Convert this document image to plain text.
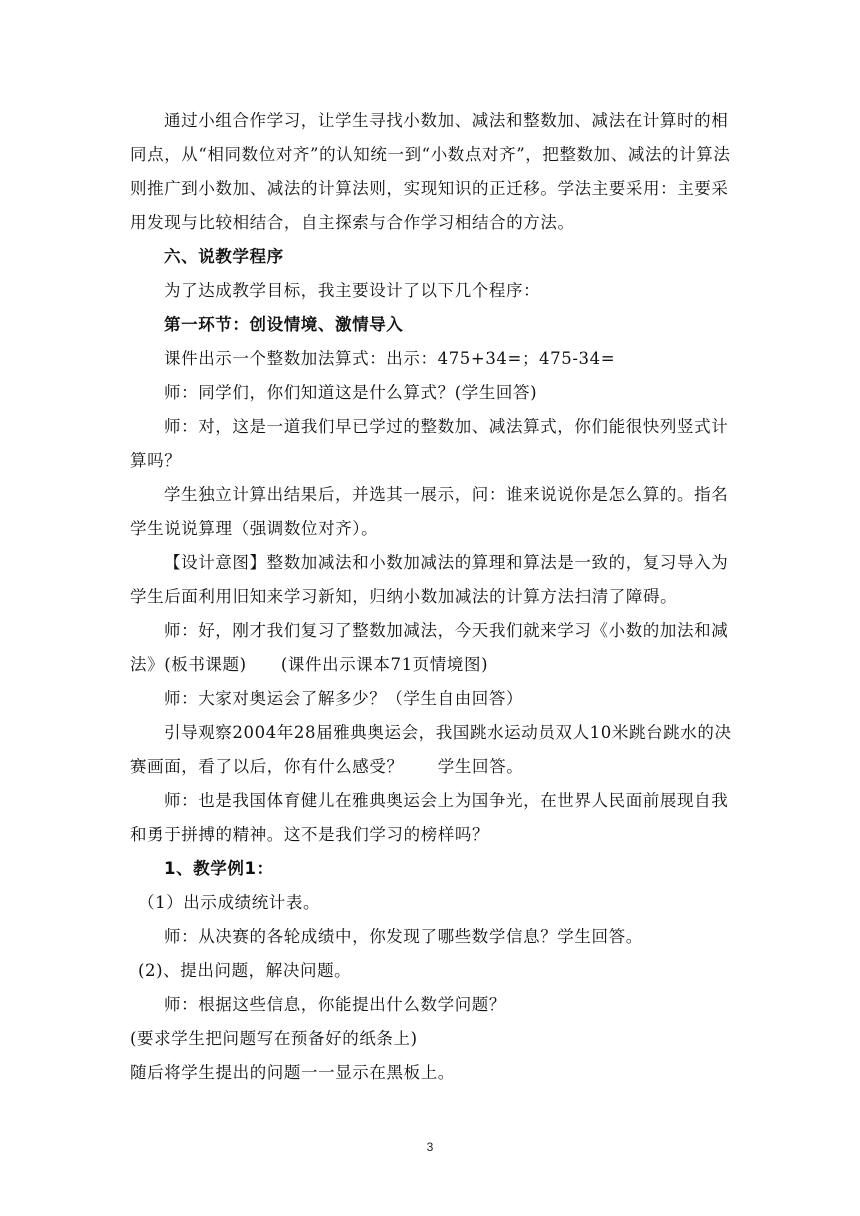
通过小组合作学习，让学生寻找小数加、减法和整数加、减法在计算时的相同点，从“相同数位对齐”的认知统一到“小数点对齐”，把整数加、减法的计算法则推广到小数加、减法的计算法则，实现知识的正迁移。学法主要采用：主要采用发现与比较相结合，自主探索与合作学习相结合的方法。

六、说教学程序

为了达成教学目标，我主要设计了以下几个程序：

第一环节：创设情境、激情导入

课件出示一个整数加法算式：出示：475+34=；475-34=

师：同学们，你们知道这是什么算式？(学生回答)

师：对，这是一道我们早已学过的整数加、减法算式，你们能很快列竖式计算吗？

学生独立计算出结果后，并选其一展示，问：谁来说说你是怎么算的。指名学生说说算理（强调数位对齐）。

【设计意图】整数加减法和小数加减法的算理和算法是一致的，复习导入为学生后面利用旧知来学习新知，归纳小数加减法的计算方法扫清了障碍。

师：好，刚才我们复习了整数加减法，今天我们就来学习《小数的加法和减法》(板书课题)　　(课件出示课本71页情境图)

师：大家对奥运会了解多少？（学生自由回答）

引导观察2004年28届雅典奥运会，我国跳水运动员双人10米跳台跳水的决赛画面，看了以后，你有什么感受？　　学生回答。

师：也是我国体育健儿在雅典奥运会上为国争光，在世界人民面前展现自我和勇于拼搏的精神。这不是我们学习的榜样吗？

1、教学例1：

（1）出示成绩统计表。

师：从决赛的各轮成绩中，你发现了哪些数学信息？学生回答。

(2)、提出问题，解决问题。

师：根据这些信息，你能提出什么数学问题？

(要求学生把问题写在预备好的纸条上)

随后将学生提出的问题一一显示在黑板上。

3
